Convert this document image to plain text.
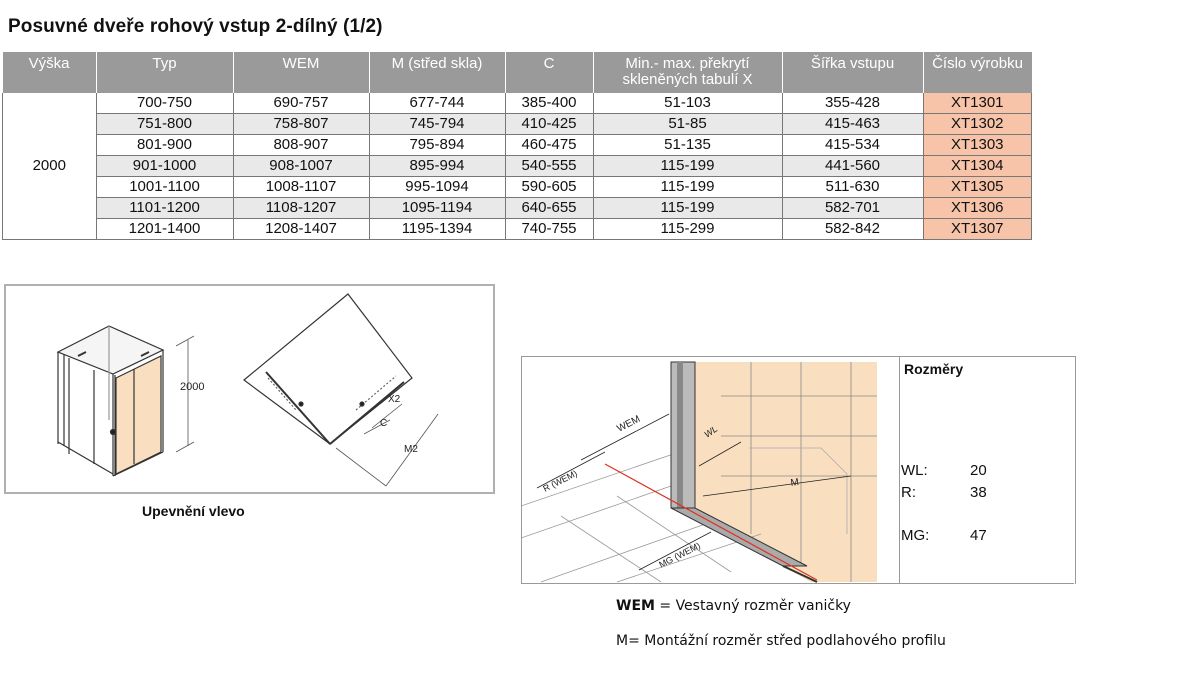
Posuvné dveře rohový vstup 2-dílný (1/2)
Výška	Typ	WEM	M (střed skla)	C	Min.- max. překrytí
skleněných tabulí X	Šířka vstupu	Číslo výrobku

2000	700-750	690-757	677-744	385-400	51-103	355-428	XT1301
	751-800	758-807	745-794	410-425	51-85	415-463	XT1302
	801-900	808-907	795-894	460-475	51-135	415-534	XT1303
	901-1000	908-1007	895-994	540-555	115-199	441-560	XT1304
	1001-1100	1008-1107	995-1094	590-605	115-199	511-630	XT1305
	1101-1200	1108-1207	1095-1194	640-655	115-199	582-701	XT1306
	1201-1400	1208-1407	1195-1394	740-755	115-299	582-842	XT1307
2000
X2
C
M2
Upevnění vlevo
WEM	WL
R (WEM)	M
MG (WEM)
Rozměry
WL:	20
R:	38
MG:	47
WEM = Vestavný rozměr vaničky
M= Montážní rozměr střed podlahového profilu
